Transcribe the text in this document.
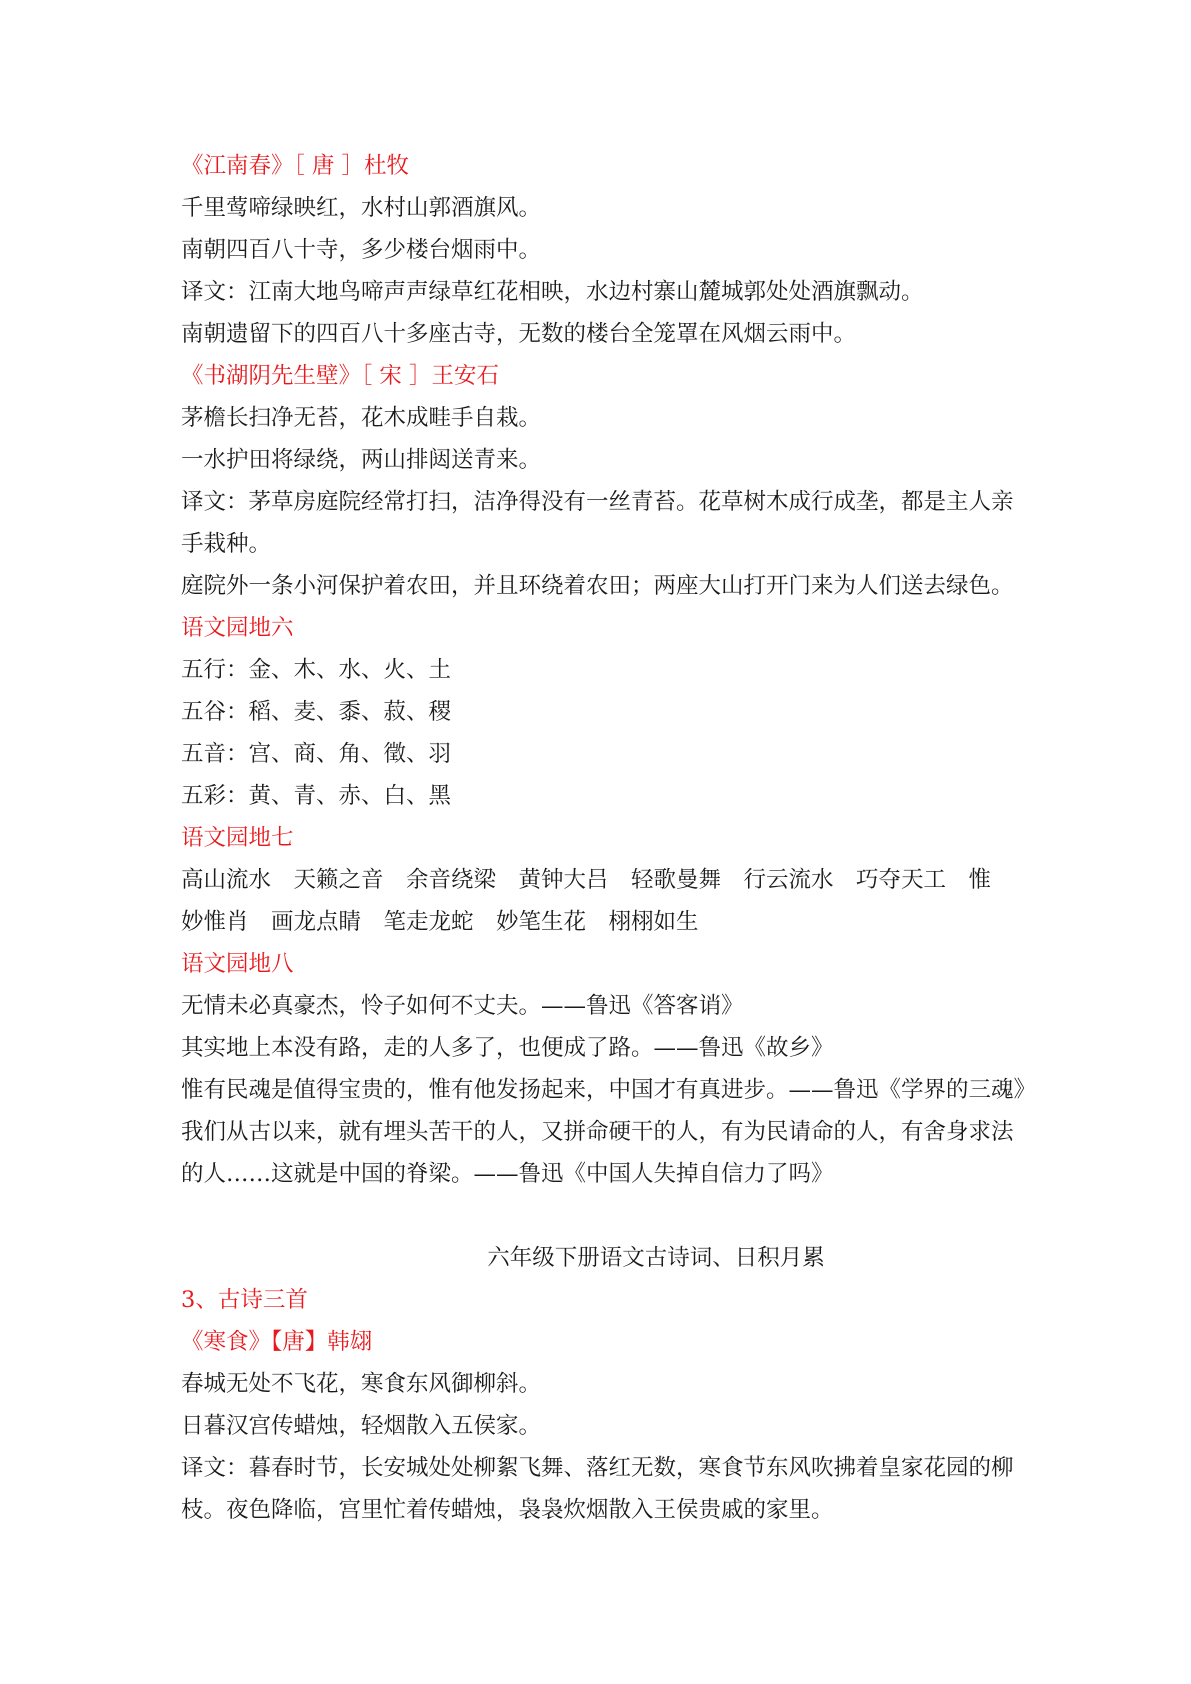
《江南春》［ 唐 ］杜牧

千里莺啼绿映红，水村山郭酒旗风。

南朝四百八十寺，多少楼台烟雨中。

译文：江南大地鸟啼声声绿草红花相映，水边村寨山麓城郭处处酒旗飘动。

南朝遗留下的四百八十多座古寺，无数的楼台全笼罩在风烟云雨中。

《书湖阴先生壁》［ 宋 ］王安石

茅檐长扫净无苔，花木成畦手自栽。

一水护田将绿绕，两山排闼送青来。

译文：茅草房庭院经常打扫，洁净得没有一丝青苔。花草树木成行成垄，都是主人亲

手栽种。

庭院外一条小河保护着农田，并且环绕着农田；两座大山打开门来为人们送去绿色。

语文园地六

五行：金、木、水、火、土

五谷：稻、麦、黍、菽、稷

五音：宫、商、角、徵、羽

五彩：黄、青、赤、白、黑

语文园地七

高山流水　天籁之音　余音绕梁　黄钟大吕　轻歌曼舞　行云流水　巧夺天工　惟

妙惟肖　画龙点睛　笔走龙蛇　妙笔生花　栩栩如生

语文园地八

无情未必真豪杰，怜子如何不丈夫。——鲁迅《答客诮》

其实地上本没有路，走的人多了，也便成了路。——鲁迅《故乡》

惟有民魂是值得宝贵的，惟有他发扬起来，中国才有真进步。——鲁迅《学界的三魂》

我们从古以来，就有埋头苦干的人，又拼命硬干的人，有为民请命的人，有舍身求法

的人……这就是中国的脊梁。——鲁迅《中国人失掉自信力了吗》

六年级下册语文古诗词、日积月累

3、古诗三首

《寒食》【唐】韩翃

春城无处不飞花，寒食东风御柳斜。

日暮汉宫传蜡烛，轻烟散入五侯家。

译文：暮春时节，长安城处处柳絮飞舞、落红无数，寒食节东风吹拂着皇家花园的柳

枝。夜色降临，宫里忙着传蜡烛，袅袅炊烟散入王侯贵戚的家里。
